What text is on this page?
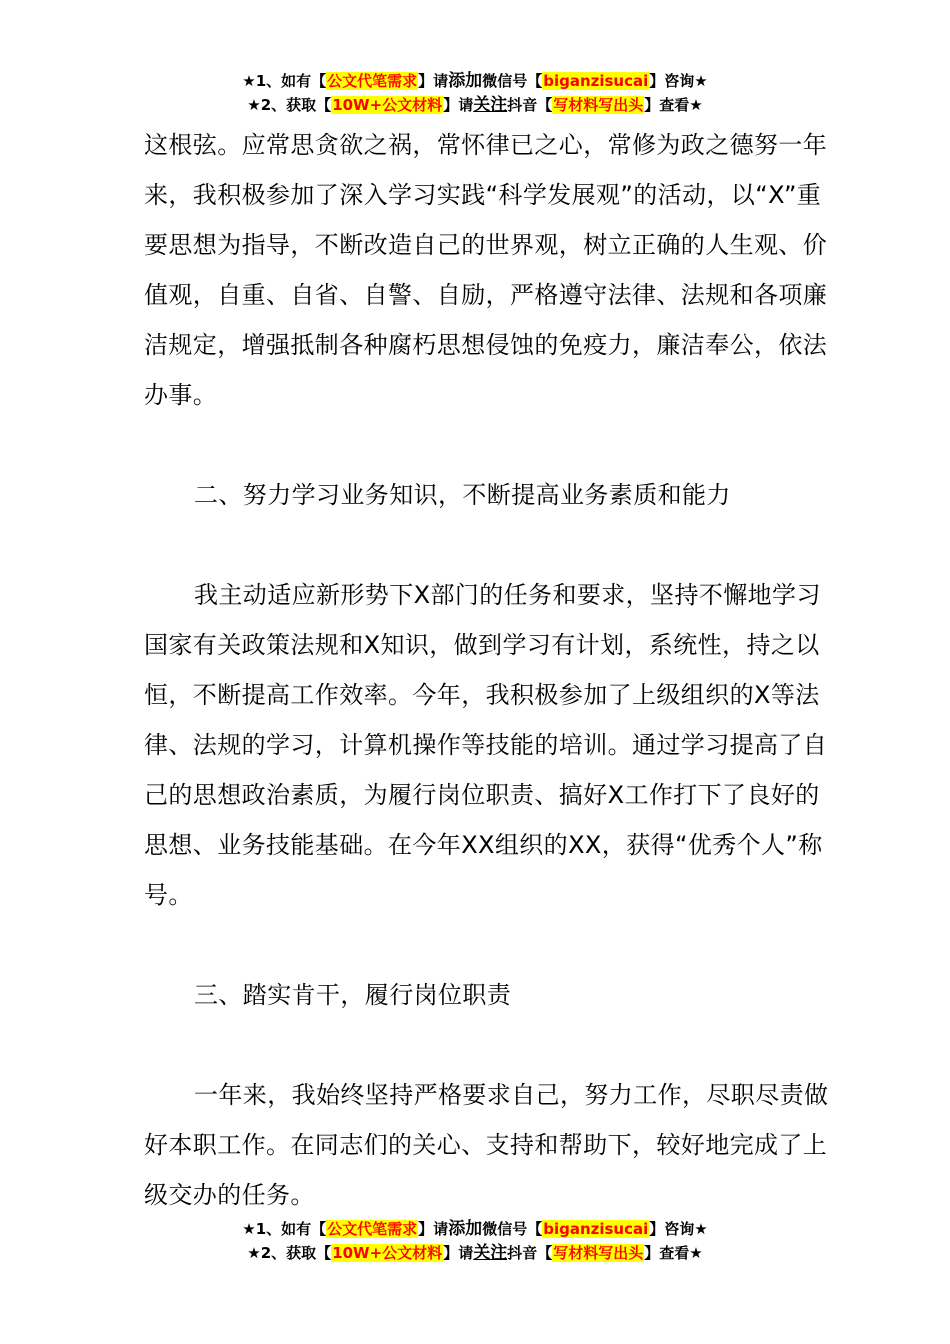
★1、如有【公文代笔需求】请添加微信号【biganzisucai】咨询★
★2、获取【10W+公文材料】请关注抖音【写材料写出头】查看★

这根弦。应常思贪欲之祸，常怀律已之心，常修为政之德努一年来，我积极参加了深入学习实践“科学发展观”的活动，以“X”重要思想为指导，不断改造自己的世界观，树立正确的人生观、价值观，自重、自省、自警、自励，严格遵守法律、法规和各项廉洁规定，增强抵制各种腐朽思想侵蚀的免疫力，廉洁奉公，依法办事。

二、努力学习业务知识，不断提高业务素质和能力

我主动适应新形势下X部门的任务和要求，坚持不懈地学习国家有关政策法规和X知识，做到学习有计划，系统性，持之以恒，不断提高工作效率。今年，我积极参加了上级组织的X等法律、法规的学习，计算机操作等技能的培训。通过学习提高了自己的思想政治素质，为履行岗位职责、搞好X工作打下了良好的思想、业务技能基础。在今年XX组织的XX，获得“优秀个人”称号。

三、踏实肯干，履行岗位职责

一年来，我始终坚持严格要求自己，努力工作，尽职尽责做好本职工作。在同志们的关心、支持和帮助下，较好地完成了上级交办的任务。

★1、如有【公文代笔需求】请添加微信号【biganzisucai】咨询★
★2、获取【10W+公文材料】请关注抖音【写材料写出头】查看★
